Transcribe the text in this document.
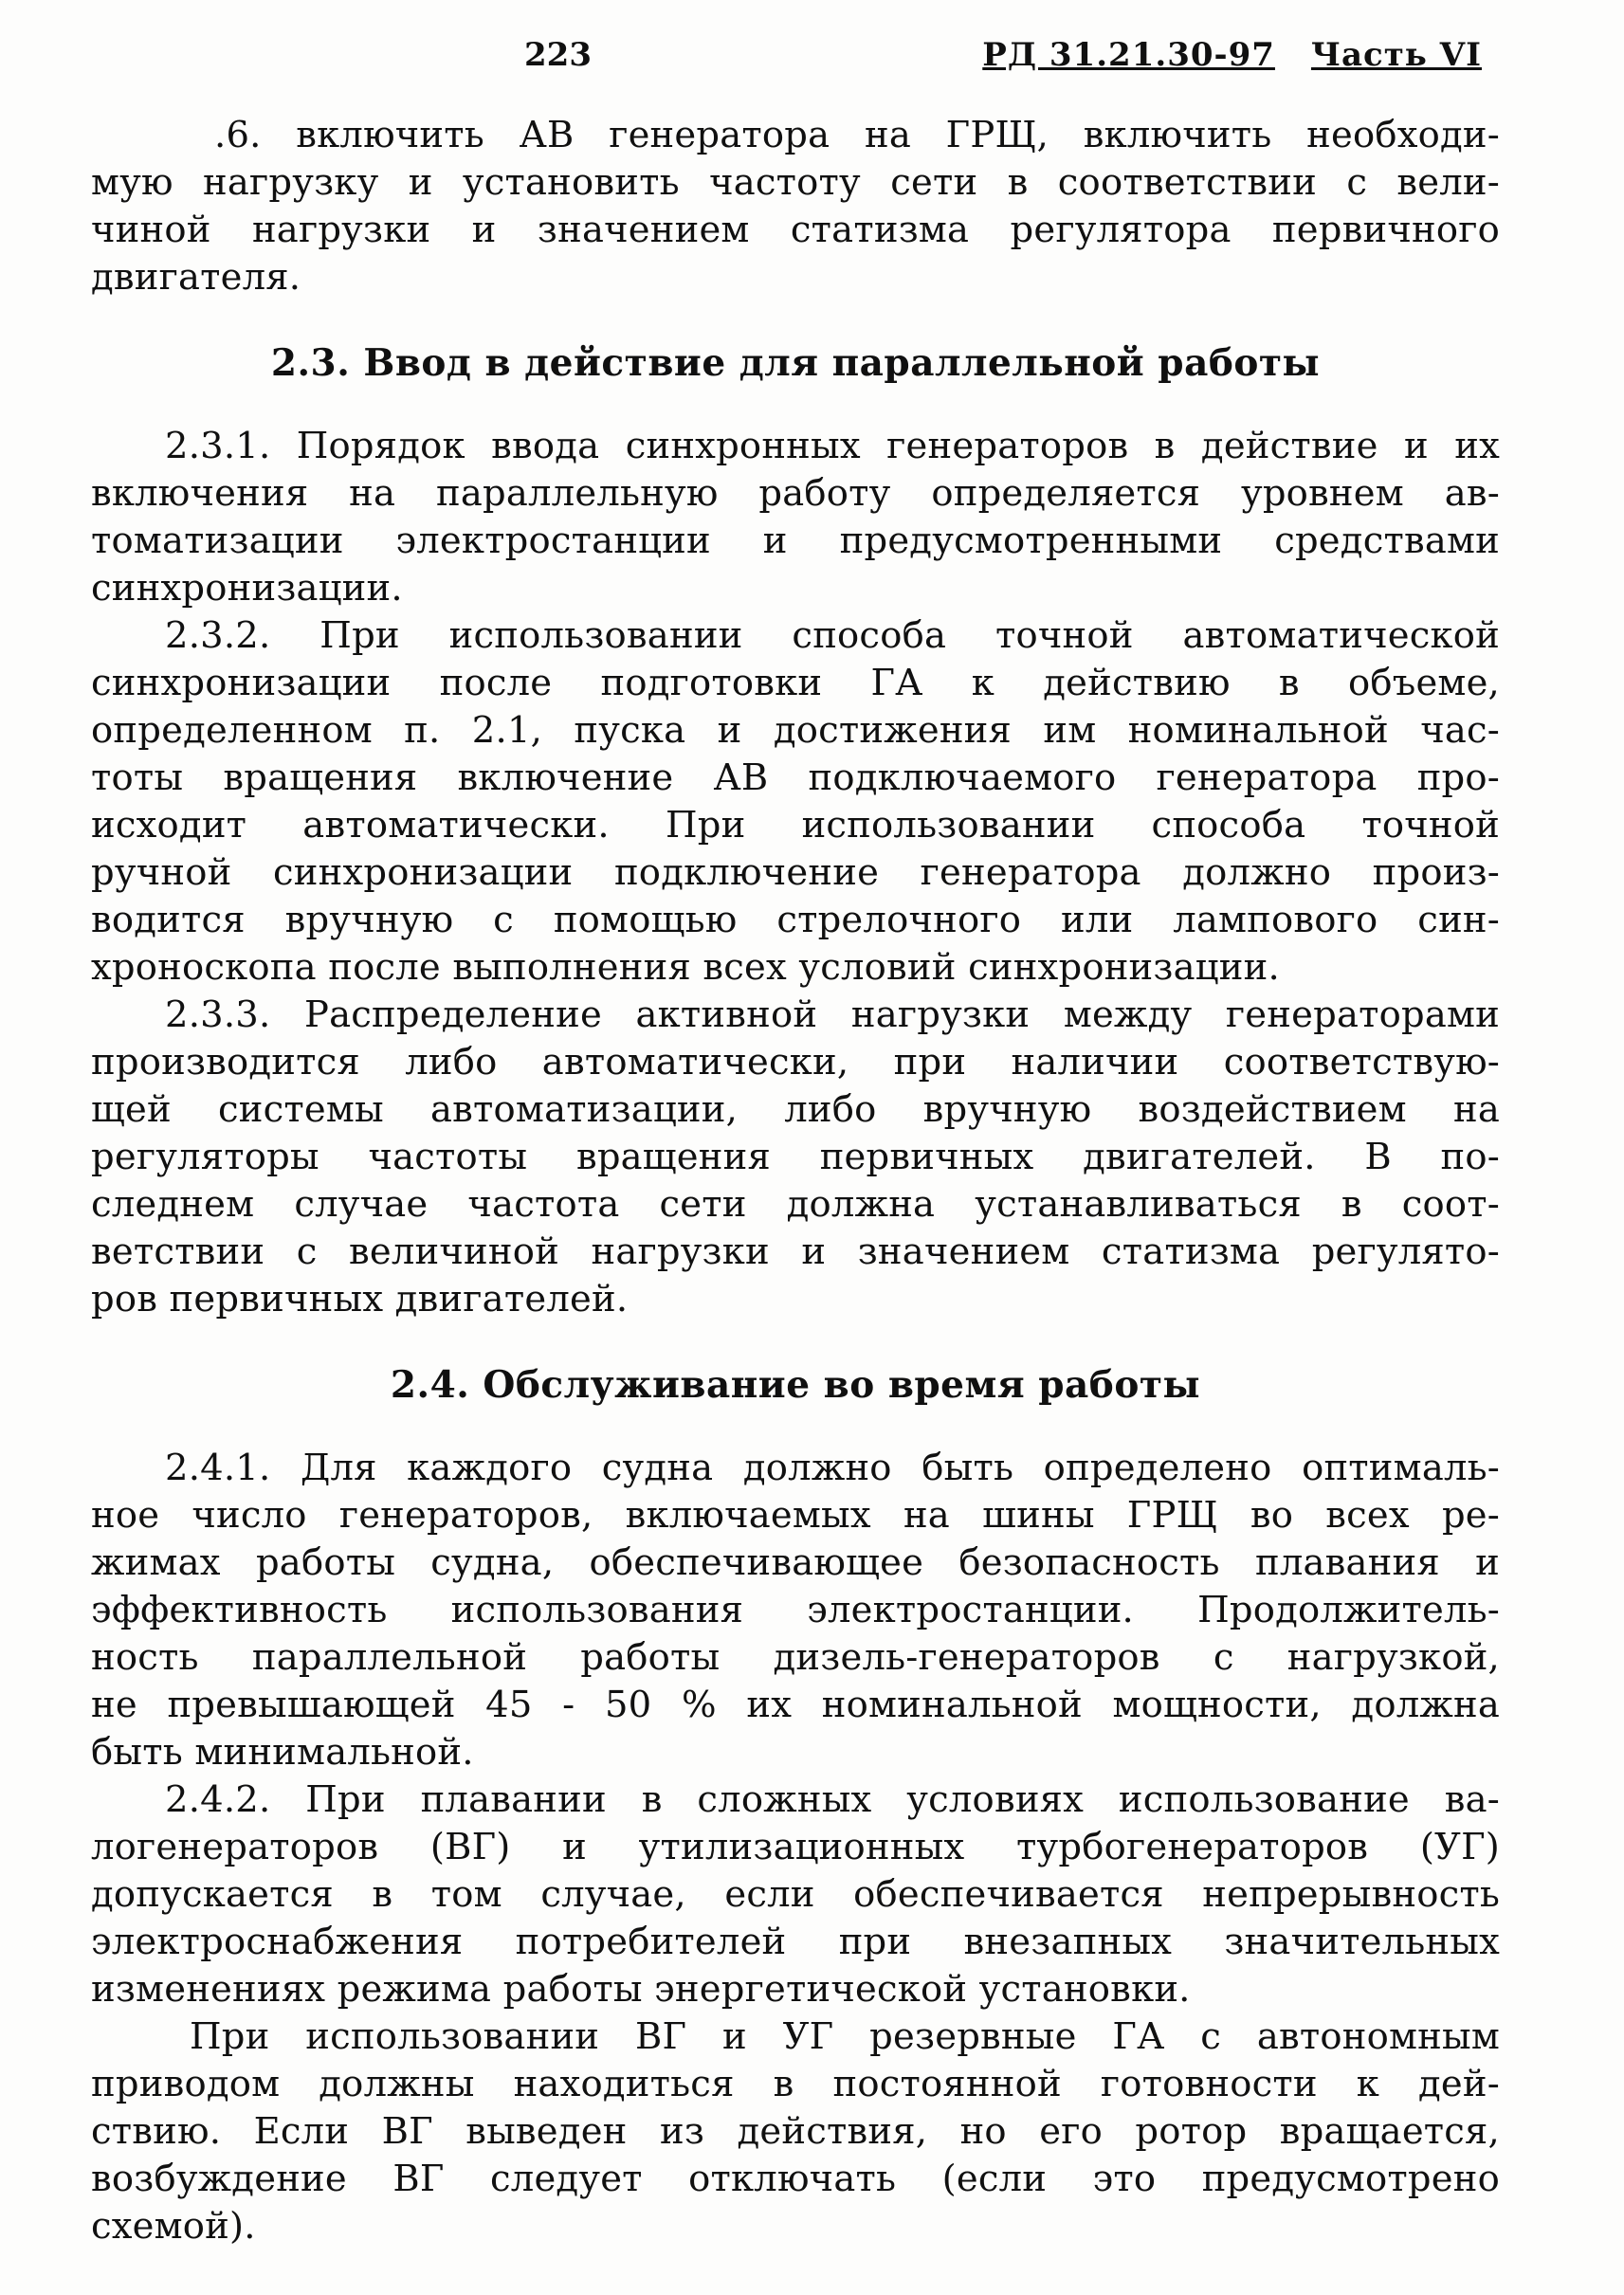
223	РД 31.21.30-97 Часть VI
.6. включить АВ генератора на ГРЩ, включить необходи-
мую нагрузку и установить частоту сети в соответствии с вели-
чиной нагрузки и значением статизма регулятора первичного
двигателя.
2.3. Ввод в действие для параллельной работы
2.3.1. Порядок ввода синхронных генераторов в действие и их
включения на параллельную работу определяется уровнем ав-
томатизации электростанции и предусмотренными средствами
синхронизации.
2.3.2. При использовании способа точной автоматической
синхронизации после подготовки ГА к действию в объеме,
определенном п. 2.1, пуска и достижения им номинальной час-
тоты вращения включение АВ подключаемого генератора про-
исходит автоматически. При использовании способа точной
ручной синхронизации подключение генератора должно произ-
водится вручную с помощью стрелочного или лампового син-
хроноскопа после выполнения всех условий синхронизации.
2.3.3. Распределение активной нагрузки между генераторами
производится либо автоматически, при наличии соответствую-
щей системы автоматизации, либо вручную воздействием на
регуляторы частоты вращения первичных двигателей. В по-
следнем случае частота сети должна устанавливаться в соот-
ветствии с величиной нагрузки и значением статизма регулято-
ров первичных двигателей.
2.4. Обслуживание во время работы
2.4.1. Для каждого судна должно быть определено оптималь-
ное число генераторов, включаемых на шины ГРЩ во всех ре-
жимах работы судна, обеспечивающее безопасность плавания и
эффективность использования электростанции. Продолжитель-
ность параллельной работы дизель-генераторов с нагрузкой,
не превышающей 45 - 50 % их номинальной мощности, должна
быть минимальной.
2.4.2. При плавании в сложных условиях использование ва-
логенераторов (ВГ) и утилизационных турбогенераторов (УГ)
допускается в том случае, если обеспечивается непрерывность
электроснабжения потребителей при внезапных значительных
изменениях режима работы энергетической установки.
При использовании ВГ и УГ резервные ГА с автономным
приводом должны находиться в постоянной готовности к дей-
ствию. Если ВГ выведен из действия, но его ротор вращается,
возбуждение ВГ следует отключать (если это предусмотрено
схемой).
